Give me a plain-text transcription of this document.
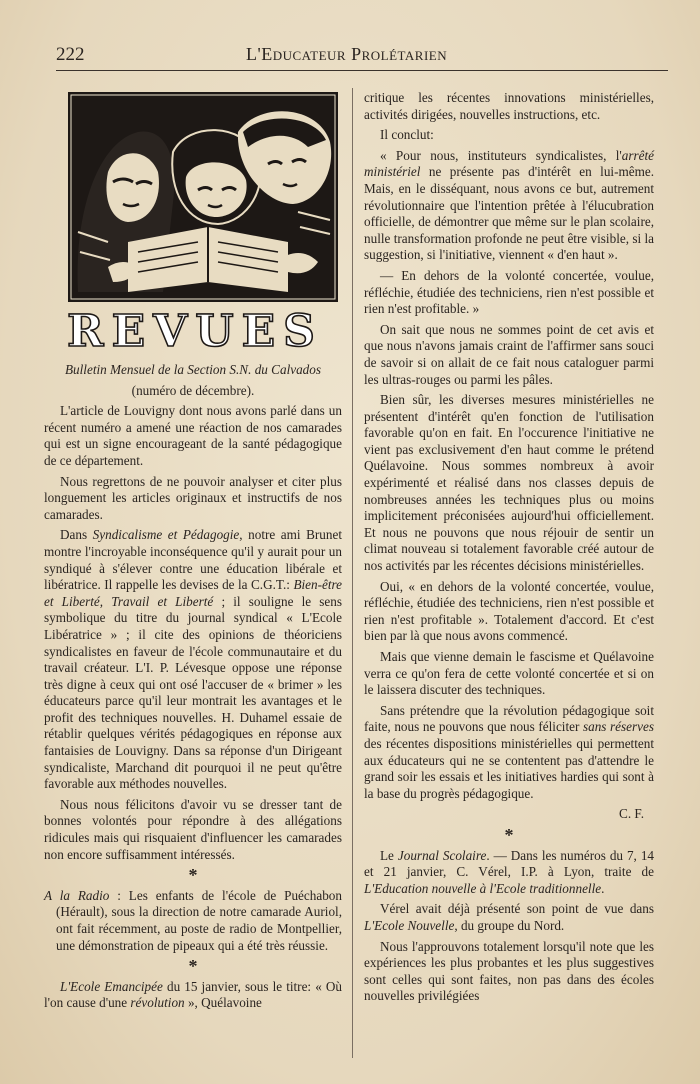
222	L'Educateur Prolétarien
REVUES

Bulletin Mensuel de la Section S.N. du Calvados

(numéro de décembre).

L'article de Louvigny dont nous avons parlé dans un récent numéro a amené une réaction de nos camarades qui est un signe encourageant de la santé pédagogique de ce département.

Nous regrettons de ne pouvoir analyser et citer plus longuement les articles originaux et instructifs de nos camarades.

Dans Syndicalisme et Pédagogie, notre ami Brunet montre l'incroyable inconséquence qu'il y aurait pour un syndiqué à s'élever contre une éducation libérale et libératrice. Il rappelle les devises de la C.G.T.: Bien-être et Liberté, Travail et Liberté ; il souligne le sens symbolique du titre du journal syndical « L'Ecole Libératrice » ; il cite des opinions de théoriciens syndicalistes en faveur de l'école communautaire et du travail créateur. L'I. P. Lévesque oppose une réponse très digne à ceux qui ont osé l'accuser de « brimer » les éducateurs parce qu'il leur montrait les avantages et le profit des techniques nouvelles. H. Duhamel essaie de rétablir quelques vérités pédagogiques en réponse aux fantaisies de Louvigny. Dans sa réponse d'un Dirigeant syndicaliste, Marchand dit pourquoi il ne peut qu'être favorable aux méthodes nouvelles.

Nous nous félicitons d'avoir vu se dresser tant de bonnes volontés pour répondre à des allégations ridicules mais qui risquaient d'influencer les camarades non encore suffisamment intéressés.

*

A la Radio : Les enfants de l'école de Puéchabon (Hérault), sous la direction de notre camarade Auriol, ont fait récemment, au poste de radio de Montpellier, une démonstration de pipeaux qui a été très réussie.

*

L'Ecole Emancipée du 15 janvier, sous le titre: « Où l'on cause d'une révolution », Quélavoine

critique les récentes innovations ministérielles, activités dirigées, nouvelles instructions, etc.

Il conclut:

« Pour nous, instituteurs syndicalistes, l'arrêté ministériel ne présente pas d'intérêt en lui-même. Mais, en le disséquant, nous avons ce but, autrement révolutionnaire que l'intention prêtée à l'élucubration officielle, de démontrer que même sur le plan scolaire, nulle transformation profonde ne peut être visible, si la suggestion, si l'initiative, viennent « d'en haut ».

— En dehors de la volonté concertée, voulue, réfléchie, étudiée des techniciens, rien n'est possible et rien n'est profitable. »

On sait que nous ne sommes point de cet avis et que nous n'avons jamais craint de l'affirmer sans souci de savoir si on allait de ce fait nous cataloguer parmi les ultras-rouges ou parmi les pâles.

Bien sûr, les diverses mesures ministérielles ne présentent d'intérêt qu'en fonction de l'utilisation favorable qu'on en fait. En l'occurence l'initiative ne vient pas exclusivement d'en haut comme le prétend Quélavoine. Nous sommes nombreux à avoir expérimenté et réalisé dans nos classes depuis de nombreuses années les techniques plus ou moins implicitement préconisées aujourd'hui officiellement. Et nous ne pouvons que nous réjouir de sentir un climat nouveau si totalement favorable créé autour de nos activités par les récentes décisions ministérielles.

Oui, « en dehors de la volonté concertée, voulue, réfléchie, étudiée des techniciens, rien n'est possible et rien n'est profitable ». Totalement d'accord. Et c'est bien par là que nous avons commencé.

Mais que vienne demain le fascisme et Quélavoine verra ce qu'on fera de cette volonté concertée et si on le laissera discuter des techniques.

Sans prétendre que la révolution pédagogique soit faite, nous ne pouvons que nous féliciter sans réserves des récentes dispositions ministérielles qui permettent aux éducateurs qui ne se contentent pas d'attendre le grand soir les essais et les initiatives hardies qui sont à la base du progrès pédagogique.

C. F.

*

Le Journal Scolaire. — Dans les numéros du 7, 14 et 21 janvier, C. Vérel, I.P. à Lyon, traite de L'Education nouvelle à l'Ecole traditionnelle.

Vérel avait déjà présenté son point de vue dans L'Ecole Nouvelle, du groupe du Nord.

Nous l'approuvons totalement lorsqu'il note que les expériences les plus probantes et les plus suggestives sont celles qui sont faites, non pas dans des écoles nouvelles privilégiées
